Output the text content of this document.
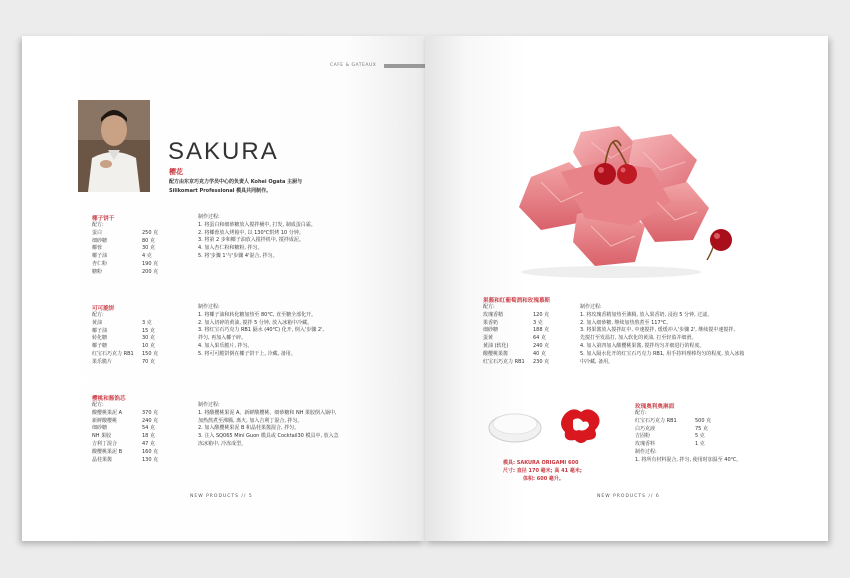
SAKURA
樱花
配方由东京巧克力学员中心的负责人 Kohei Ogata 主厨与
Silikomart Professional 模具共同制作。
椰子饼干
配方:
蛋白	250 克
细砂糖	80 克
椰蓉	30 克
椰子油	4 克
杏仁粉	190 克
糖粉	200 克
制作过程:
1. 将蛋白和细砂糖放入搅拌桶中, 打发, 制成蛋白霜。
2. 将椰蓉放入烤箱中, 以 130℃烘烤 10 分钟。
3. 将第 2 步和椰子油放入搅拌机中, 搅拌成泥。
4. 加入杏仁粉和糖粉, 拌匀。
5. 将'步骤 1'与'步骤 4'混合, 拌匀。
可可脆饼
配方:
黄油	3 克
椰子油	15 克
转化糖	30 克
椰子糖	10 克
红宝石巧克力 RB1	150 克
果乐脆片	70 克
制作过程:
1. 将椰子油和转化糖加热至 80℃, 直至糖全部化开。
2. 加入切碎的黄油, 搅拌 5 分钟, 放入冰箱中冷藏。
3. 将红宝石巧克力 RB1 隔水 (40℃) 化开, 倒入'步骤 2',
拌匀, 再加入椰子碎。
4. 加入果乐脆片, 拌匀。
5. 将可可脆饼倒在椰子饼干上, 冷藏, 备用。
樱桃和酱馅芯
配方:
酸樱桃果泥 A	370 克
新鲜酸樱桃	240 克
细砂糖	54 克
NH 果胶	18 克
吉利丁混合	47 克
酸樱桃果泥 B	160 克
晶桂果酱	130 克
制作过程:
1. 将酸樱桃果泥 A、新鲜酸樱桃、细砂糖和 NH 果胶倒入锅中,
加热熬煮至沸腾, 离火, 加入吉利丁混合, 拌匀。
2. 加入酸樱桃果泥 B 和晶桂果酱混合, 拌匀。
3. 注入 SQ065 Mini Guon 模具或 Cocktail30 模具中, 放入急
冻冰箱中, 冷冻成型。
NEW PRODUCTS // 5
CAFE & GATEAUX
果酱和红葡萄酒和玫瑰慕斯
配方:
玫瑰香精	120 克
果香奶	3 克
细砂糖	188 克
蛋黄	64 克
黄油 (软化)	240 克
酸樱桃果酱	40 克
红宝石巧克力 RB1	230 克
制作过程:
1. 将玫瑰香精加热至沸腾, 放入果香奶, 浸泡 5 分钟, 过滤。
2. 加入细砂糖, 继续加热熬煮至 117℃。
3. 将果酱放入搅拌缸中, 中速搅拌, 缓缓冲入'步骤 2', 继续搅中速搅拌,
先搅打至发温打, 加入软化的黄油, 打至轻盈并细滑。
4. 加入第四加入酸樱桃果酱, 搅拌均匀并细进行的程度。
5. 加入隔水化开的红宝石巧克力 RB1, 用手持料理棒均匀的程度, 放入冰箱
中冷藏, 备用。
模具: SAKURA ORIGAMI 600
尺寸: 直径 170 毫米; 高 41 毫米;
体积: 600 毫升。
玫瑰奥利奥淋面
配方:
红宝石巧克力 RB1	500 克
白巧克液	75 克
吉固粉	5 克
玫瑰香料	1 克
制作过程:
1. 将所有材料混合, 拌匀, 使用时加温至 40℃。
NEW PRODUCTS // 6
